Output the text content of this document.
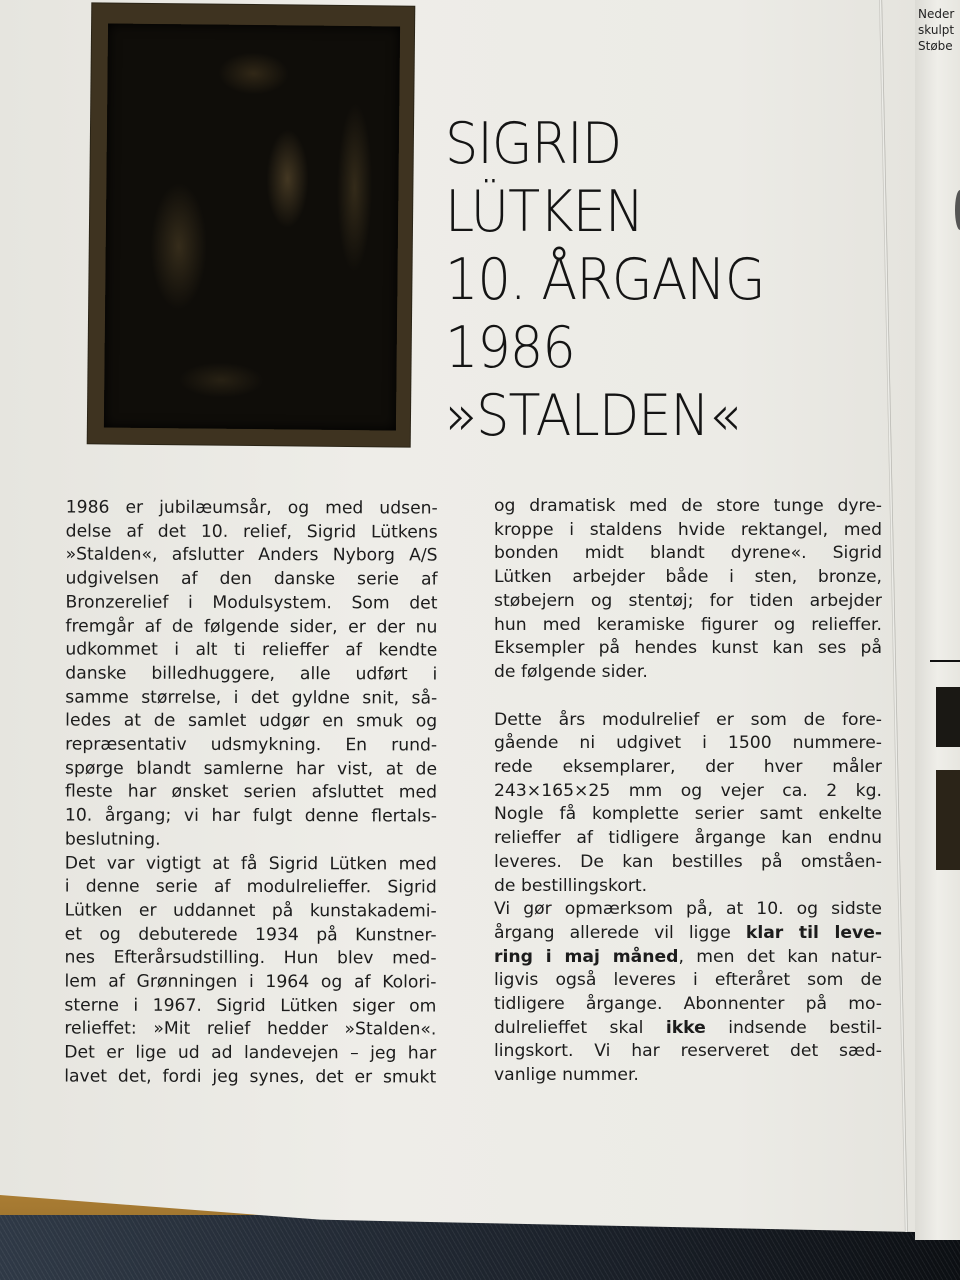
Neder
skulpt
Støbe
SIGRID
LÜTKEN
10. ÅRGANG
1986
»STALDEN«

1986 er jubilæumsår, og med udsen-
delse af det 10. relief, Sigrid Lütkens
»Stalden«, afslutter Anders Nyborg A/S
udgivelsen af den danske serie af
Bronzerelief i Modulsystem. Som det
fremgår af de følgende sider, er der nu
udkommet i alt ti relieffer af kendte
danske billedhuggere, alle udført i
samme størrelse, i det gyldne snit, så-
ledes at de samlet udgør en smuk og
repræsentativ udsmykning. En rund-
spørge blandt samlerne har vist, at de
fleste har ønsket serien afsluttet med
10. årgang; vi har fulgt denne flertals-
beslutning.

Det var vigtigt at få Sigrid Lütken med
i denne serie af modulrelieffer. Sigrid
Lütken er uddannet på kunstakademi-
et og debuterede 1934 på Kunstner-
nes Efterårsudstilling. Hun blev med-
lem af Grønningen i 1964 og af Kolori-
sterne i 1967. Sigrid Lütken siger om
relieffet: »Mit relief hedder »Stalden«.
Det er lige ud ad landevejen – jeg har
lavet det, fordi jeg synes, det er smukt

og dramatisk med de store tunge dyre-
kroppe i staldens hvide rektangel, med
bonden midt blandt dyrene«. Sigrid
Lütken arbejder både i sten, bronze,
støbejern og stentøj; for tiden arbejder
hun med keramiske figurer og relieffer.
Eksempler på hendes kunst kan ses på
de følgende sider.

Dette års modulrelief er som de fore-
gående ni udgivet i 1500 nummere-
rede eksemplarer, der hver måler
243×165×25 mm og vejer ca. 2 kg.
Nogle få komplette serier samt enkelte
relieffer af tidligere årgange kan endnu
leveres. De kan bestilles på omståen-
de bestillingskort.

Vi gør opmærksom på, at 10. og sidste
årgang allerede vil ligge klar til leve-
ring i maj måned, men det kan natur-
ligvis også leveres i efteråret som de
tidligere årgange. Abonnenter på mo-
dulrelieffet skal ikke indsende bestil-
lingskort. Vi har reserveret det sæd-
vanlige nummer.
